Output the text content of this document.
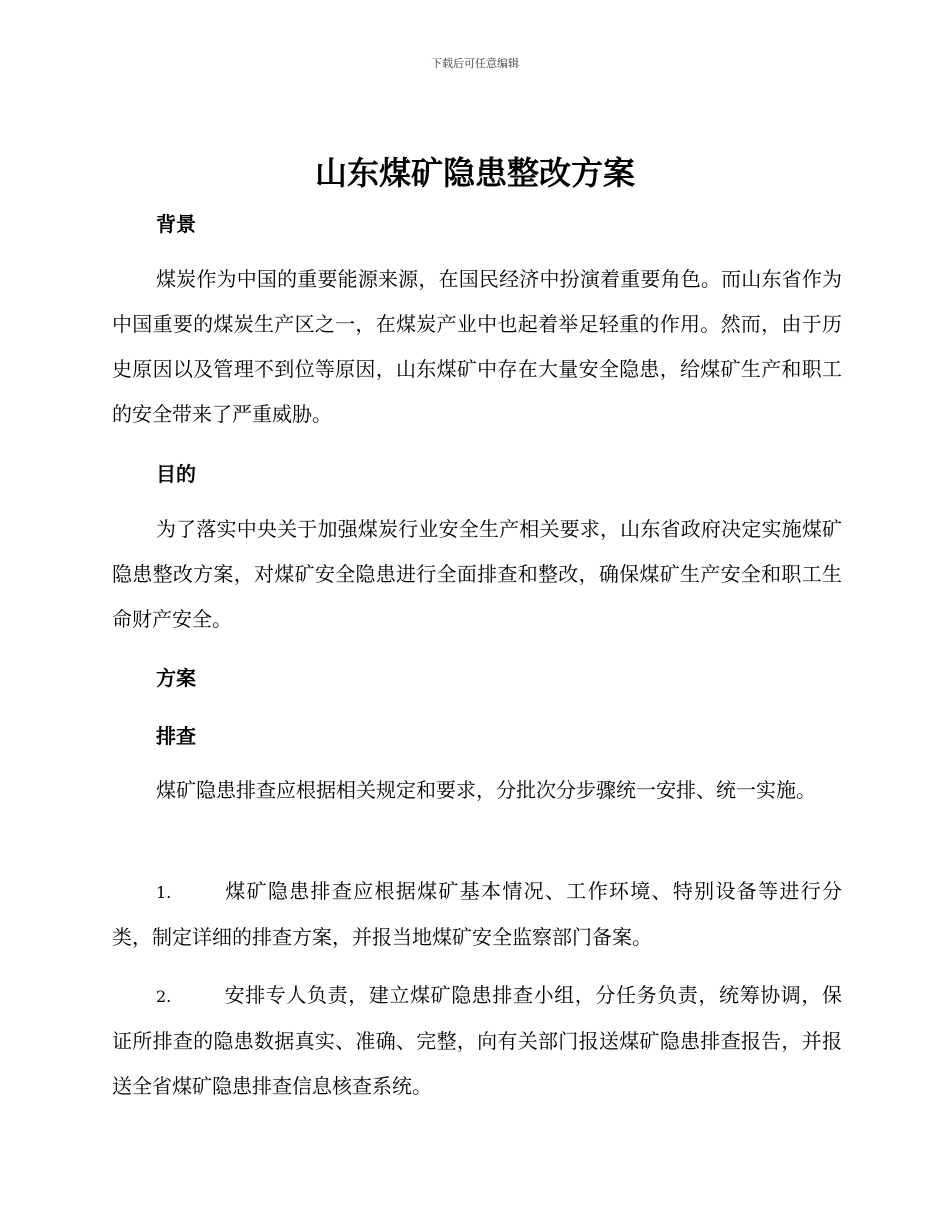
下载后可任意编辑
山东煤矿隐患整改方案
背景

煤炭作为中国的重要能源来源，在国民经济中扮演着重要角色。而山东省作为中国重要的煤炭生产区之一，在煤炭产业中也起着举足轻重的作用。然而，由于历史原因以及管理不到位等原因，山东煤矿中存在大量安全隐患，给煤矿生产和职工的安全带来了严重威胁。

目的

为了落实中央关于加强煤炭行业安全生产相关要求，山东省政府决定实施煤矿隐患整改方案，对煤矿安全隐患进行全面排查和整改，确保煤矿生产安全和职工生命财产安全。

方案
排查

煤矿隐患排查应根据相关规定和要求，分批次分步骤统一安排、统一实施。

1.	煤矿隐患排查应根据煤矿基本情况、工作环境、特别设备等进行分类，制定详细的排查方案，并报当地煤矿安全监察部门备案。

2.	安排专人负责，建立煤矿隐患排查小组，分任务负责，统筹协调，保证所排查的隐患数据真实、准确、完整，向有关部门报送煤矿隐患排查报告，并报送全省煤矿隐患排查信息核查系统。
